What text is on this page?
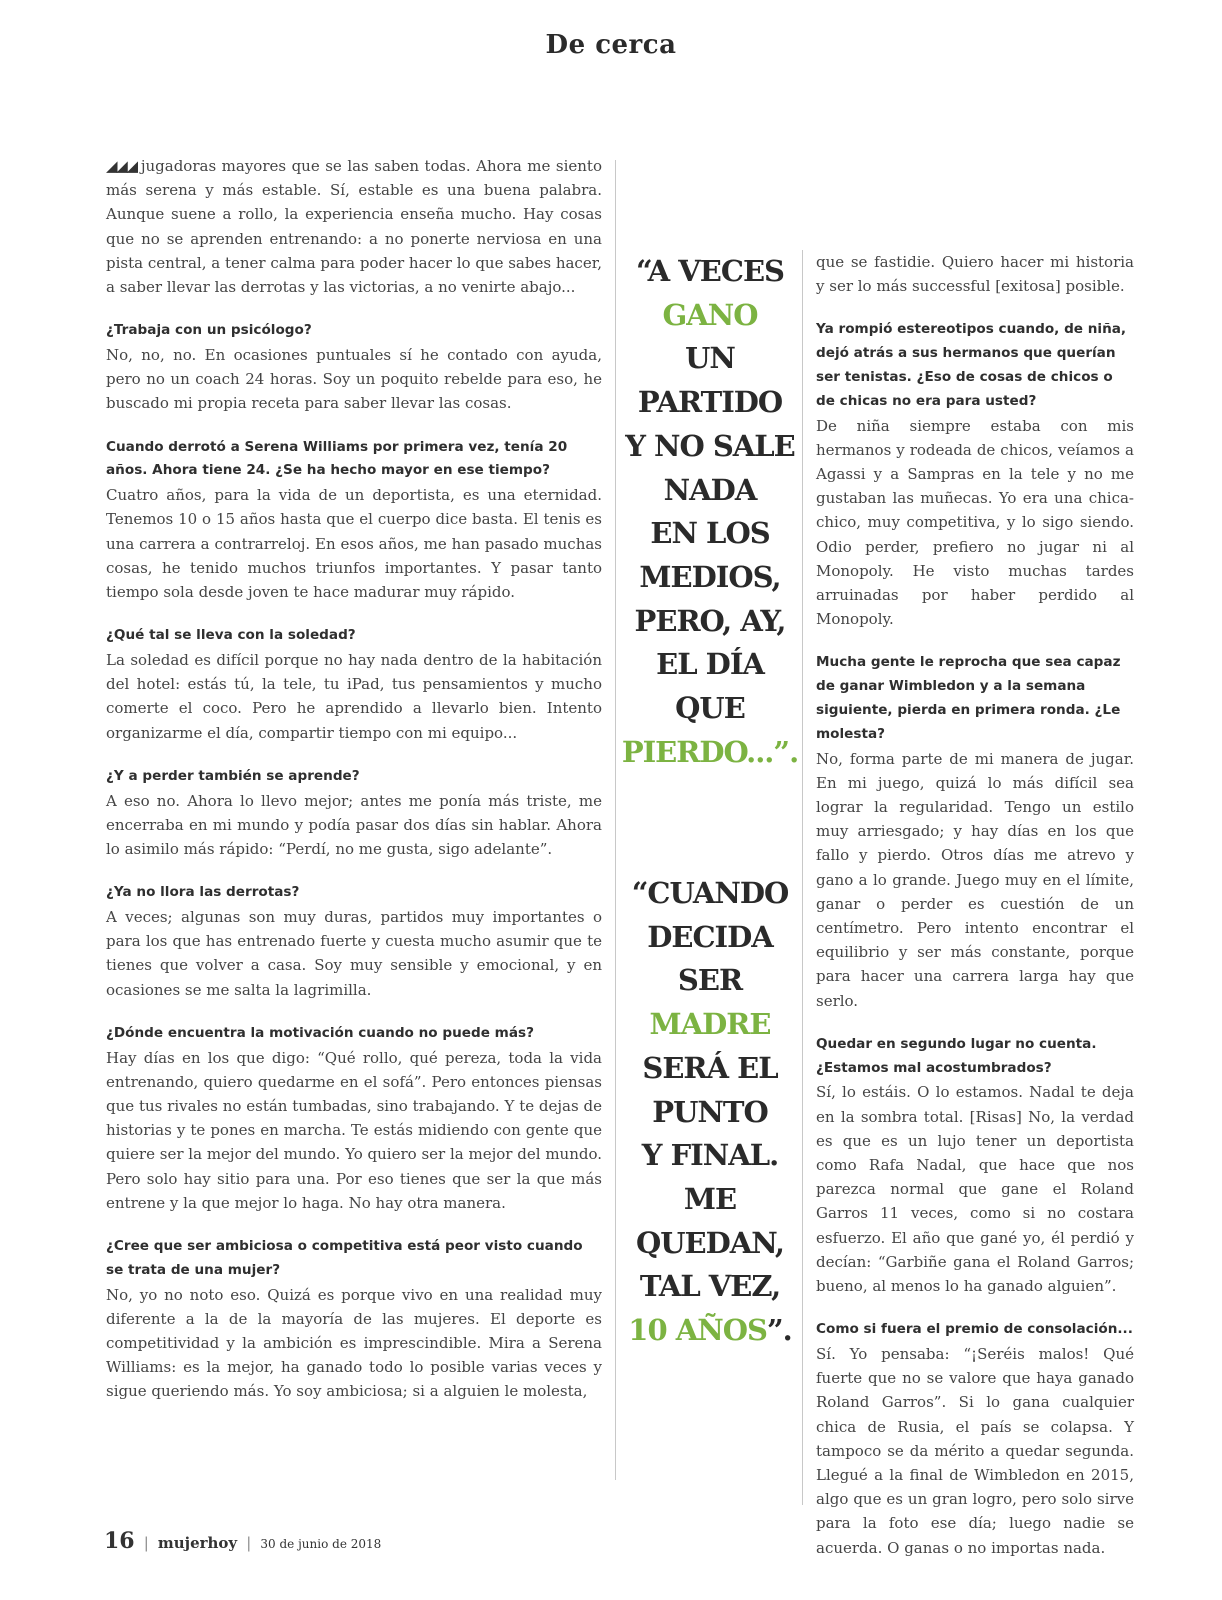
De cerca

◢◢◢ jugadoras mayores que se las saben todas. Ahora me siento más serena y más estable. Sí, estable es una buena palabra. Aunque suene a rollo, la experiencia enseña mucho. Hay cosas que no se aprenden entrenando: a no ponerte nerviosa en una pista central, a tener calma para poder hacer lo que sabes hacer, a saber llevar las derrotas y las victorias, a no venirte abajo...

¿Trabaja con un psicólogo?

No, no, no. En ocasiones puntuales sí he contado con ayuda, pero no un coach 24 horas. Soy un poquito rebelde para eso, he buscado mi propia receta para saber llevar las cosas.

Cuando derrotó a Serena Williams por primera vez, tenía 20 años. Ahora tiene 24. ¿Se ha hecho mayor en ese tiempo?

Cuatro años, para la vida de un deportista, es una eternidad. Tenemos 10 o 15 años hasta que el cuerpo dice basta. El tenis es una carrera a contrarreloj. En esos años, me han pasado muchas cosas, he tenido muchos triunfos importantes. Y pasar tanto tiempo sola desde joven te hace madurar muy rápido.

¿Qué tal se lleva con la soledad?

La soledad es difícil porque no hay nada dentro de la habitación del hotel: estás tú, la tele, tu iPad, tus pensamientos y mucho comerte el coco. Pero he aprendido a llevarlo bien. Intento organizarme el día, compartir tiempo con mi equipo...

¿Y a perder también se aprende?

A eso no. Ahora lo llevo mejor; antes me ponía más triste, me encerraba en mi mundo y podía pasar dos días sin hablar. Ahora lo asimilo más rápido: “Perdí, no me gusta, sigo adelante”.

¿Ya no llora las derrotas?

A veces; algunas son muy duras, partidos muy importantes o para los que has entrenado fuerte y cuesta mucho asumir que te tienes que volver a casa. Soy muy sensible y emocional, y en ocasiones se me salta la lagrimilla.

¿Dónde encuentra la motivación cuando no puede más?

Hay días en los que digo: “Qué rollo, qué pereza, toda la vida entrenando, quiero quedarme en el sofá”. Pero entonces piensas que tus rivales no están tumbadas, sino trabajando. Y te dejas de historias y te pones en marcha. Te estás midiendo con gente que quiere ser la mejor del mundo. Yo quiero ser la mejor del mundo. Pero solo hay sitio para una. Por eso tienes que ser la que más entrene y la que mejor lo haga. No hay otra manera.

¿Cree que ser ambiciosa o competitiva está peor visto cuando se trata de una mujer?

No, yo no noto eso. Quizá es porque vivo en una realidad muy diferente a la de la mayoría de las mujeres. El deporte es competitividad y la ambición es imprescindible. Mira a Serena Williams: es la mejor, ha ganado todo lo posible varias veces y sigue queriendo más. Yo soy ambiciosa; si a alguien le molesta,

“A VECES
GANO
UN
PARTIDO
Y NO SALE
NADA
EN LOS
MEDIOS,
PERO, AY,
EL DÍA
QUE
PIERDO...”.
“CUANDO
DECIDA
SER
MADRE
SERÁ EL
PUNTO
Y FINAL.
ME
QUEDAN,
TAL VEZ,
10 AÑOS”.

que se fastidie. Quiero hacer mi historia y ser lo más successful [exitosa] posible.

Ya rompió estereotipos cuando, de niña, dejó atrás a sus hermanos que querían ser tenistas. ¿Eso de cosas de chicos o de chicas no era para usted?

De niña siempre estaba con mis hermanos y rodeada de chicos, veíamos a Agassi y a Sampras en la tele y no me gustaban las muñecas. Yo era una chica-chico, muy competitiva, y lo sigo siendo. Odio perder, prefiero no jugar ni al Monopoly. He visto muchas tardes arruinadas por haber perdido al Monopoly.

Mucha gente le reprocha que sea capaz de ganar Wimbledon y a la semana siguiente, pierda en primera ronda. ¿Le molesta?

No, forma parte de mi manera de jugar. En mi juego, quizá lo más difícil sea lograr la regularidad. Tengo un estilo muy arriesgado; y hay días en los que fallo y pierdo. Otros días me atrevo y gano a lo grande. Juego muy en el límite, ganar o perder es cuestión de un centímetro. Pero intento encontrar el equilibrio y ser más constante, porque para hacer una carrera larga hay que serlo.

Quedar en segundo lugar no cuenta. ¿Estamos mal acostumbrados?

Sí, lo estáis. O lo estamos. Nadal te deja en la sombra total. [Risas] No, la verdad es que es un lujo tener un deportista como Rafa Nadal, que hace que nos parezca normal que gane el Roland Garros 11 veces, como si no costara esfuerzo. El año que gané yo, él perdió y decían: “Garbiñe gana el Roland Garros; bueno, al menos lo ha ganado alguien”.

Como si fuera el premio de consolación...

Sí. Yo pensaba: “¡Seréis malos! Qué fuerte que no se valore que haya ganado Roland Garros”. Si lo gana cualquier chica de Rusia, el país se colapsa. Y tampoco se da mérito a quedar segunda. Llegué a la final de Wimbledon en 2015, algo que es un gran logro, pero solo sirve para la foto ese día; luego nadie se acuerda. O ganas o no importas nada.

16 | mujerhoy | 30 de junio de 2018
